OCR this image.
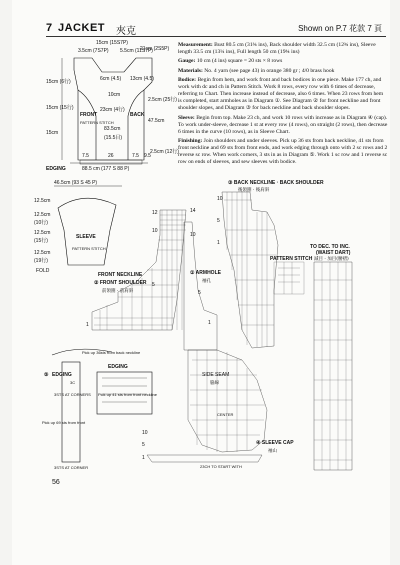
7 JACKET 夾克	Shown on P.7 花款 7 頁

Measurement: Bust 80.5 cm (31¾ ins), Back shoulder width 32.5 cm (12¾ ins), Sleeve length 33.5 cm (13¼ ins), Full length 50 cm (19¾ ins)

Gauge: 10 cm (4 ins) square = 20 sts × 8 rows

Materials: No. 4 yarn (see page 43) in orange 380 gr ; 4/0 brass hook

Bodice: Begin from hem, and work front and back bodices in one piece. Make 177 ch, and work with dc and ch in Pattern Stitch. Work 8 rows, every row with 6 times of decrease, referring to Chart. Then increase instead of decrease, also 6 times. When 23 rows from hem is completed, start armholes as in Diagram ①. See Diagram ② for front neckline and front shoulder slopes, and Diagram ③ for back neckline and back shoulder slopes.

Sleeve: Begin from top. Make 23 ch, and work 10 rows with increase as in Diagram ④ (cap). To work under-sleeve, decrease 1 st at every row (4 rows), on straight (2 rows), then decrease 6 times in the curve (10 rows), as in Sleeve Chart.

Finishing: Join shoulders and under sleeves. Pick up 36 sts from back neckline, 41 sts from front neckline and 69 sts from front ends, and work edging through onto with 2 sc rows and 2 reverse sc row. When work corners, 3 sts in as in Diagram ⑤. Work 1 sc row and 1 reverse sc row on ends of sleeves, and sew sleeves with bodice.

⑤ EDGING
3.5cm (7S7P)
15cm (15S7P)
5.5cm (11S7P)
21cm (2S5P)
15cm (6行)
15cm (15行)
15cm
6cm (4.5)
10cm
13cm (4.5)
2.5cm (12行)
FRONT
PATTERN STITCH
BACK
23cm (4行)
83.5cm
(15.5目)
2.5cm (25行)
47.5cm
7.5	26	7.5 9.5
88.5 cm (177 S 88 P)
EDGING
46.5cm (93 S 45 P)
12.5cm
12.5cm
(10行)
12.5cm
(15行)
12.5cm
(19行)
SLEEVE
PATTERN STITCH
FOLD
3C
Pick up 36sts from back neckline
3STS AT CORNERS
Pick up 69 sts from front
3STS AT CORNER
EDGING
Pick up 41 sts from front neckline
FRONT NECKLINE
② FRONT SHOULDER
前領圍 · 前肩斜
① ARMHOLE
袖孔
③ BACK NECKLINE · BACK SHOULDER
後領圍 · 後肩斜
PATTERN STITCH
TO DEC. TO INC.
(WAIST DART)
減目 · 加目(腰褶)
SIDE SEAM
脇線
CENTER
④ SLEEVE CAP
袖山
23CH TO START WITH
12
10
5
1
14
10
5
1
10
5
1
10
5
1
56
